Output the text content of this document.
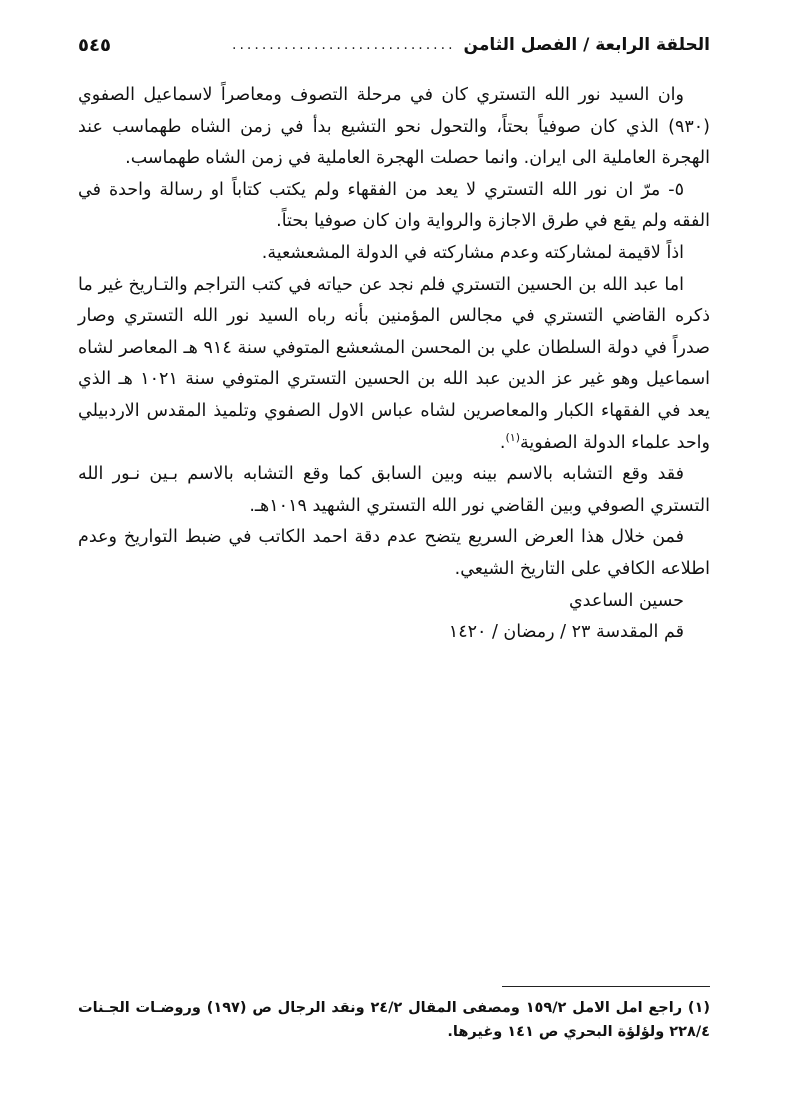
الحلقة الرابعة / الفصل الثامن
..............................
٥٤٥

وان السيد نور الله التستري كان في مرحلة التصوف ومعاصراً لاسماعيل الصفوي (٩٣٠) الذي كان صوفياً بحتاً، والتحول نحو التشيع بدأ في زمن الشاه طهماسب عند الهجرة العاملية الى ايران. وانما حصلت الهجرة العاملية في زمن الشاه طهماسب.

٥- مرّ ان نور الله التستري لا يعد من الفقهاء ولم يكتب كتاباً او رسالة واحدة في الفقه ولم يقع في طرق الاجازة والرواية وان كان صوفيا بحتاً.

اذاً لاقيمة لمشاركته وعدم مشاركته في الدولة المشعشعية.

اما عبد الله بن الحسين التستري فلم نجد عن حياته في كتب التراجم والتـاريخ غير ما ذكره القاضي التستري في مجالس المؤمنين بأنه رباه السيد نور الله التستري وصار صدراً في دولة السلطان علي بن المحسن المشعشع المتوفي سنة ٩١٤ هـ المعاصر لشاه اسماعيل وهو غير عز الدين عبد الله بن الحسين التستري المتوفي سنة ١٠٢١ هـ الذي يعد في الفقهاء الكبار والمعاصرين لشاه عباس الاول الصفوي وتلميذ المقدس الاردبيلي واحد علماء الدولة الصفوية$^{(١)}$.

فقد وقع التشابه بالاسم بينه وبين السابق كما وقع التشابه بالاسم بـين نـور الله التستري الصوفي وبين القاضي نور الله التستري الشهيد ١٠١٩هـ.

فمن خلال هذا العرض السريع يتضح عدم دقة احمد الكاتب في ضبط التواريخ وعدم اطلاعه الكافي على التاريخ الشيعي.

حسين الساعدي

قم المقدسة ٢٣ / رمضان / ١٤٢٠

(١) راجع امل الامل ١٥٩/٢ ومصفى المقال ٢٤/٢ ونقد الرجال ص (١٩٧) وروضـات الجـنات ٢٢٨/٤ ولؤلؤة البحري ص ١٤١ وغيرها.
